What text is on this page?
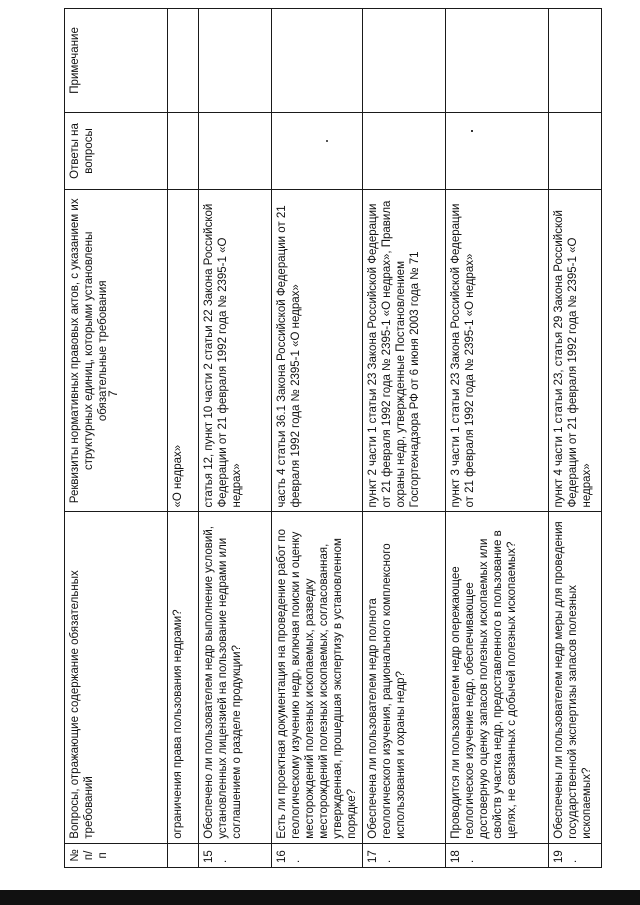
7
№ п/п	Вопросы, отражающие содержание обязательных требований	Реквизиты нормативных правовых актов, с указанием их структурных единиц, которыми установлены обязательные требования	Ответы на вопросы	Примечание
	ограничения права пользования недрами?	«О недрах»		
15.	Обеспечено ли пользователем недр выполнение условий, установленных лицензией на пользование недрами или соглашением о разделе продукции?	статья 12, пункт 10 части 2 статьи 22 Закона Российской Федерации от 21 февраля 1992 года № 2395-1 «О недрах»		
16.	Есть ли проектная документация на проведение работ по геологическому изучению недр, включая поиски и оценку месторождений полезных ископаемых, разведку месторождений полезных ископаемых, согласованная, утвержденная, прошедшая экспертизу в установленном порядке?	часть 4 статьи 36.1 Закона Российской Федерации от 21 февраля 1992 года № 2395-1 «О недрах»		
17.	Обеспечена ли пользователем недр полнота геологического изучения, рационального комплексного использования и охраны недр?	пункт 2 части 1 статьи 23 Закона Российской Федерации от 21 февраля 1992 года № 2395-1 «О недрах», Правила охраны недр, утвержденные Постановлением Госгортехнадзора РФ от 6 июня 2003 года № 71		
18.	Проводится ли пользователем недр опережающее геологическое изучение недр, обеспечивающее достоверную оценку запасов полезных ископаемых или свойств участка недр, предоставленного в пользование в целях, не связанных с добычей полезных ископаемых?	пункт 3 части 1 статьи 23 Закона Российской Федерации от 21 февраля 1992 года № 2395-1 «О недрах»		
19.	Обеспечены ли пользователем недр меры для проведения государственной экспертизы запасов полезных ископаемых?	пункт 4 части 1 статьи 23, статья 29 Закона Российской Федерации от 21 февраля 1992 года № 2395-1 «О недрах»		
